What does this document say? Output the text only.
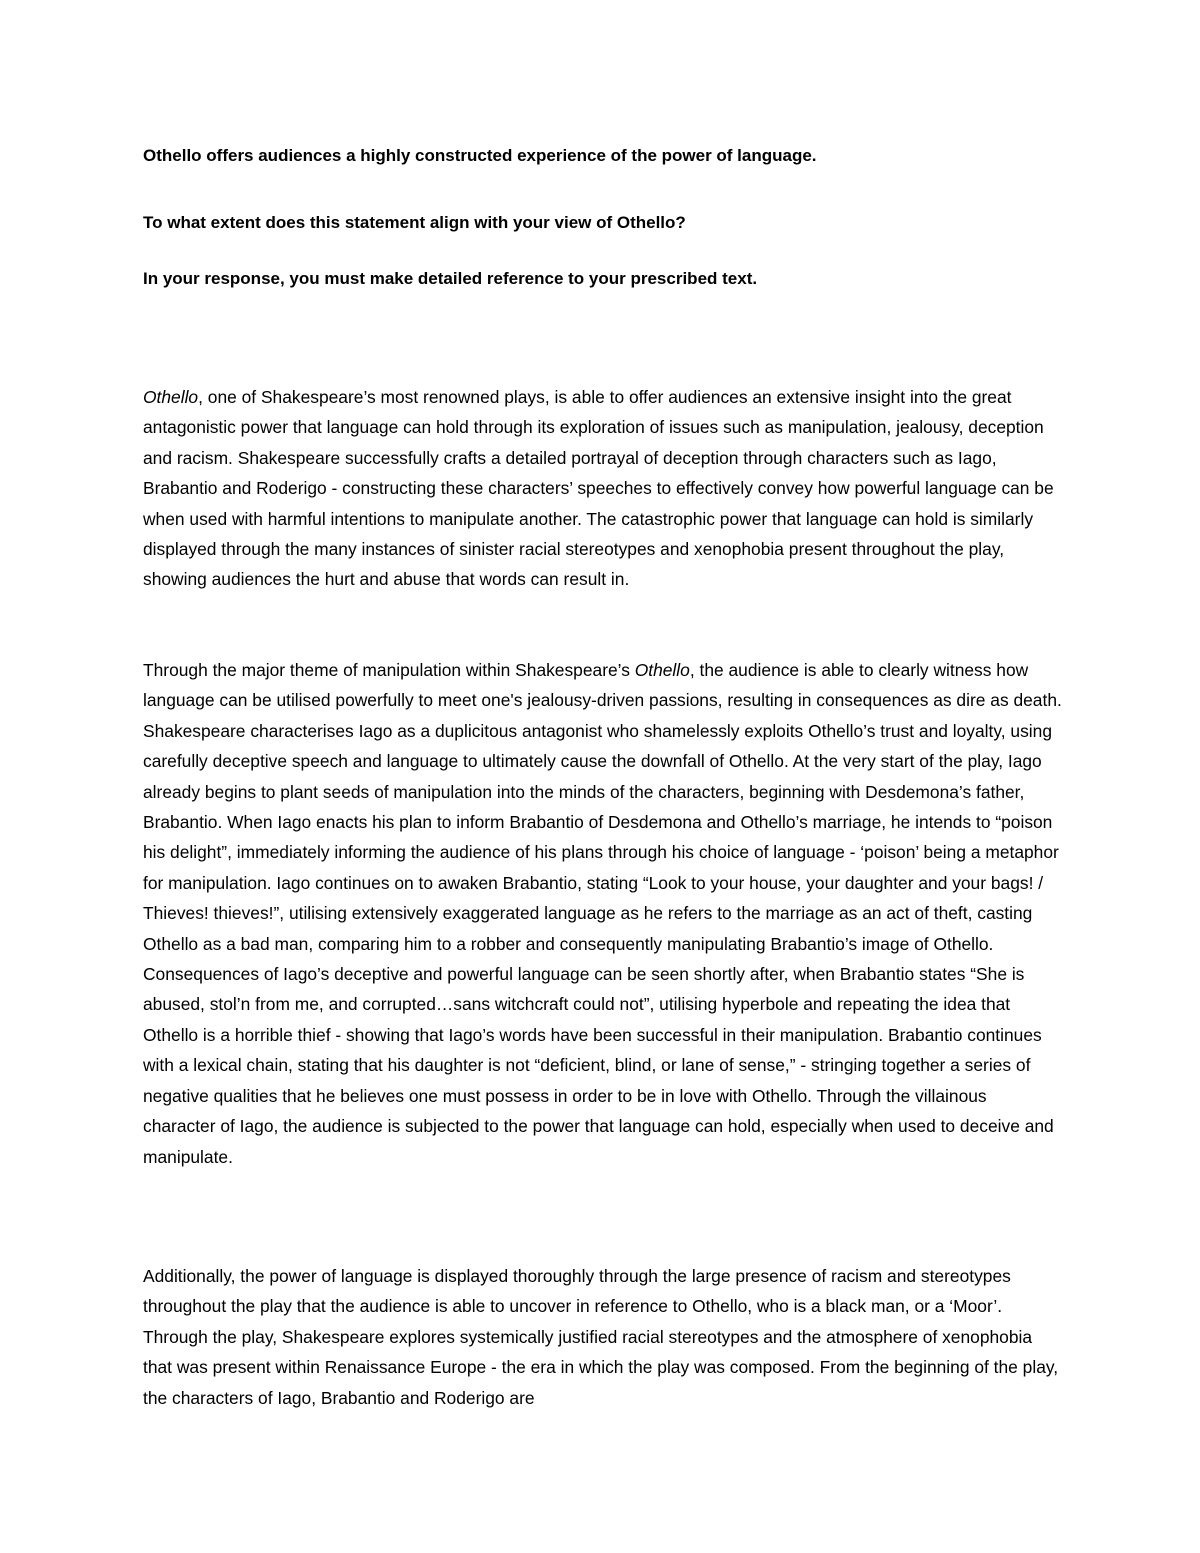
Othello offers audiences a highly constructed experience of the power of language.
To what extent does this statement align with your view of Othello?
In your response, you must make detailed reference to your prescribed text.

Othello, one of Shakespeare’s most renowned plays, is able to offer audiences an extensive insight into the great antagonistic power that language can hold through its exploration of issues such as manipulation, jealousy, deception and racism. Shakespeare successfully crafts a detailed portrayal of deception through characters such as Iago, Brabantio and Roderigo - constructing these characters’ speeches to effectively convey how powerful language can be when used with harmful intentions to manipulate another. The catastrophic power that language can hold is similarly displayed through the many instances of sinister racial stereotypes and xenophobia present throughout the play, showing audiences the hurt and abuse that words can result in.

Through the major theme of manipulation within Shakespeare’s Othello, the audience is able to clearly witness how language can be utilised powerfully to meet one's jealousy-driven passions, resulting in consequences as dire as death. Shakespeare characterises Iago as a duplicitous antagonist who shamelessly exploits Othello’s trust and loyalty, using carefully deceptive speech and language to ultimately cause the downfall of Othello. At the very start of the play, Iago already begins to plant seeds of manipulation into the minds of the characters, beginning with Desdemona’s father, Brabantio. When Iago enacts his plan to inform Brabantio of Desdemona and Othello’s marriage, he intends to “poison his delight”, immediately informing the audience of his plans through his choice of language - ‘poison’ being a metaphor for manipulation. Iago continues on to awaken Brabantio, stating “Look to your house, your daughter and your bags! / Thieves! thieves!”, utilising extensively exaggerated language as he refers to the marriage as an act of theft, casting Othello as a bad man, comparing him to a robber and consequently manipulating Brabantio’s image of Othello. Consequences of Iago’s deceptive and powerful language can be seen shortly after, when Brabantio states “She is abused, stol’n from me, and corrupted…sans witchcraft could not”, utilising hyperbole and repeating the idea that Othello is a horrible thief - showing that Iago’s words have been successful in their manipulation. Brabantio continues with a lexical chain, stating that his daughter is not “deficient, blind, or lane of sense,” - stringing together a series of negative qualities that he believes one must possess in order to be in love with Othello. Through the villainous character of Iago, the audience is subjected to the power that language can hold, especially when used to deceive and manipulate.

Additionally, the power of language is displayed thoroughly through the large presence of racism and stereotypes throughout the play that the audience is able to uncover in reference to Othello, who is a black man, or a ‘Moor’. Through the play, Shakespeare explores systemically justified racial stereotypes and the atmosphere of xenophobia that was present within Renaissance Europe - the era in which the play was composed. From the beginning of the play, the characters of Iago, Brabantio and Roderigo are
